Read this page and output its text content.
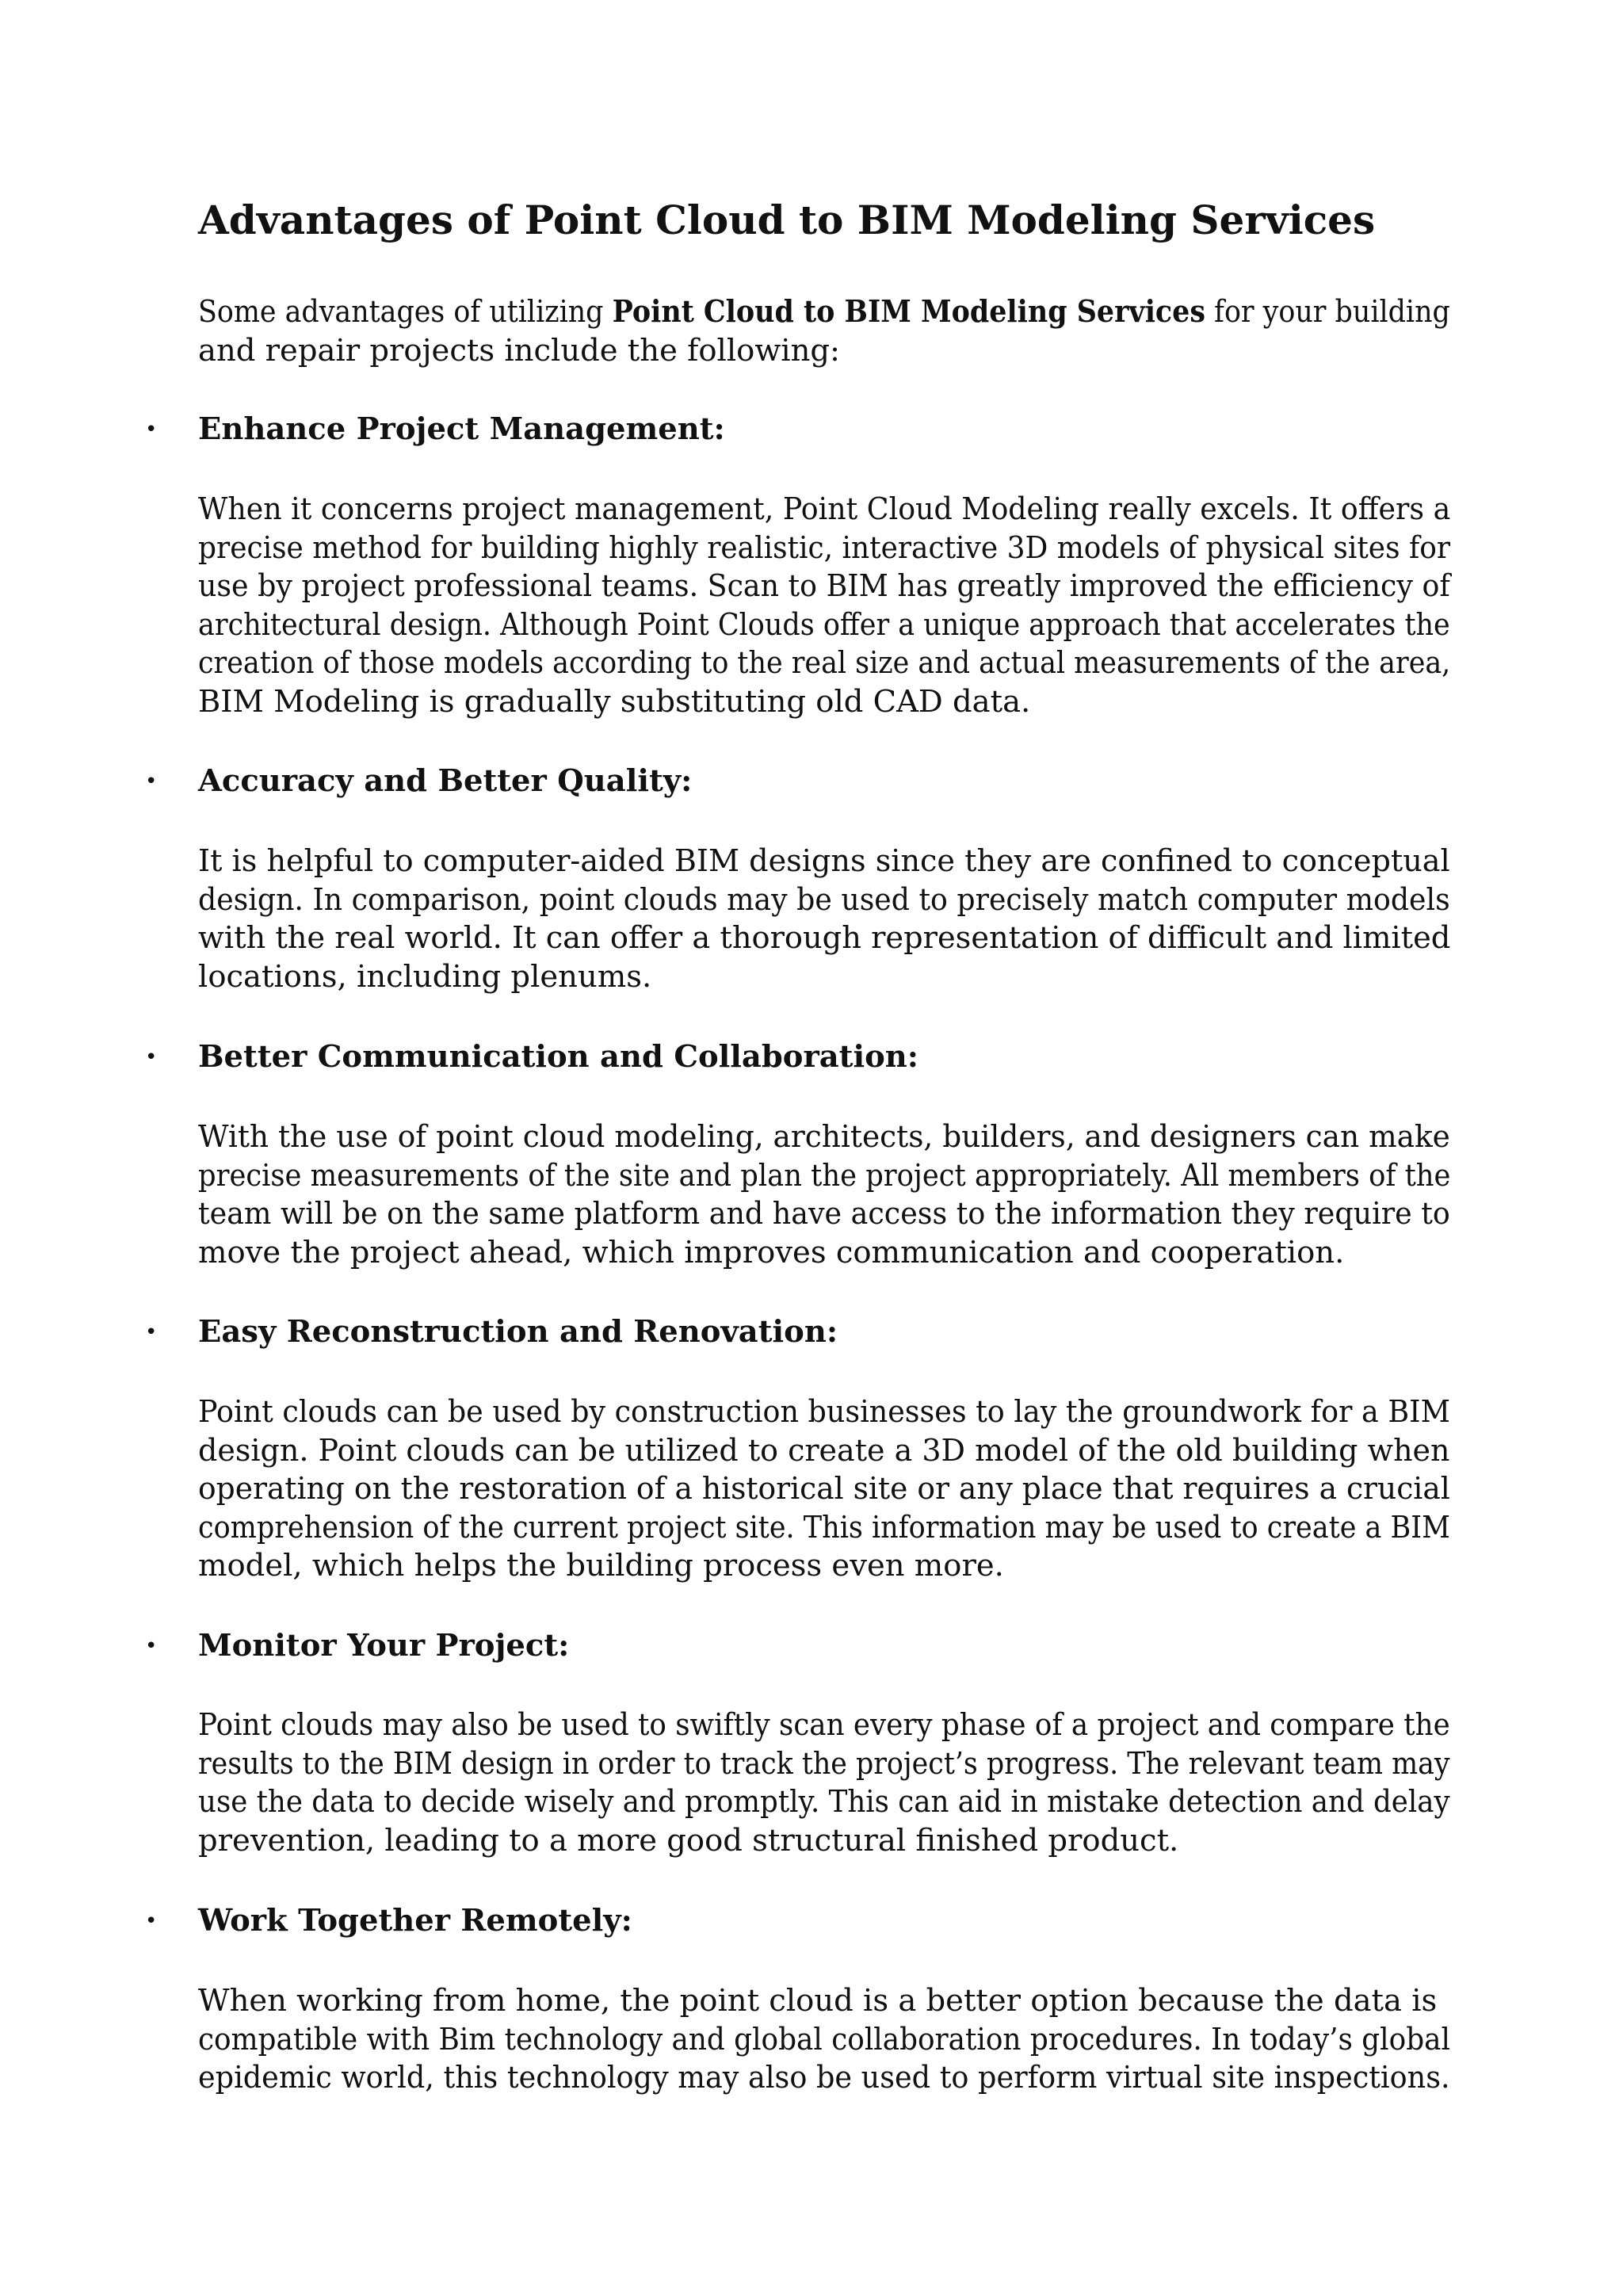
Advantages of Point Cloud to BIM Modeling Services

Some advantages of utilizing Point Cloud to BIM Modeling Services for your building
and repair projects include the following:

• Enhance Project Management:

When it concerns project management, Point Cloud Modeling really excels. It offers a
precise method for building highly realistic, interactive 3D models of physical sites for
use by project professional teams. Scan to BIM has greatly improved the efficiency of
architectural design. Although Point Clouds offer a unique approach that accelerates the
creation of those models according to the real size and actual measurements of the area,
BIM Modeling is gradually substituting old CAD data.

• Accuracy and Better Quality:

It is helpful to computer-aided BIM designs since they are confined to conceptual
design. In comparison, point clouds may be used to precisely match computer models
with the real world. It can offer a thorough representation of difficult and limited
locations, including plenums.

• Better Communication and Collaboration:

With the use of point cloud modeling, architects, builders, and designers can make
precise measurements of the site and plan the project appropriately. All members of the
team will be on the same platform and have access to the information they require to
move the project ahead, which improves communication and cooperation.

• Easy Reconstruction and Renovation:

Point clouds can be used by construction businesses to lay the groundwork for a BIM
design. Point clouds can be utilized to create a 3D model of the old building when
operating on the restoration of a historical site or any place that requires a crucial
comprehension of the current project site. This information may be used to create a BIM
model, which helps the building process even more.

• Monitor Your Project:

Point clouds may also be used to swiftly scan every phase of a project and compare the
results to the BIM design in order to track the project’s progress. The relevant team may
use the data to decide wisely and promptly. This can aid in mistake detection and delay
prevention, leading to a more good structural finished product.

• Work Together Remotely:

When working from home, the point cloud is a better option because the data is
compatible with Bim technology and global collaboration procedures. In today’s global
epidemic world, this technology may also be used to perform virtual site inspections.
